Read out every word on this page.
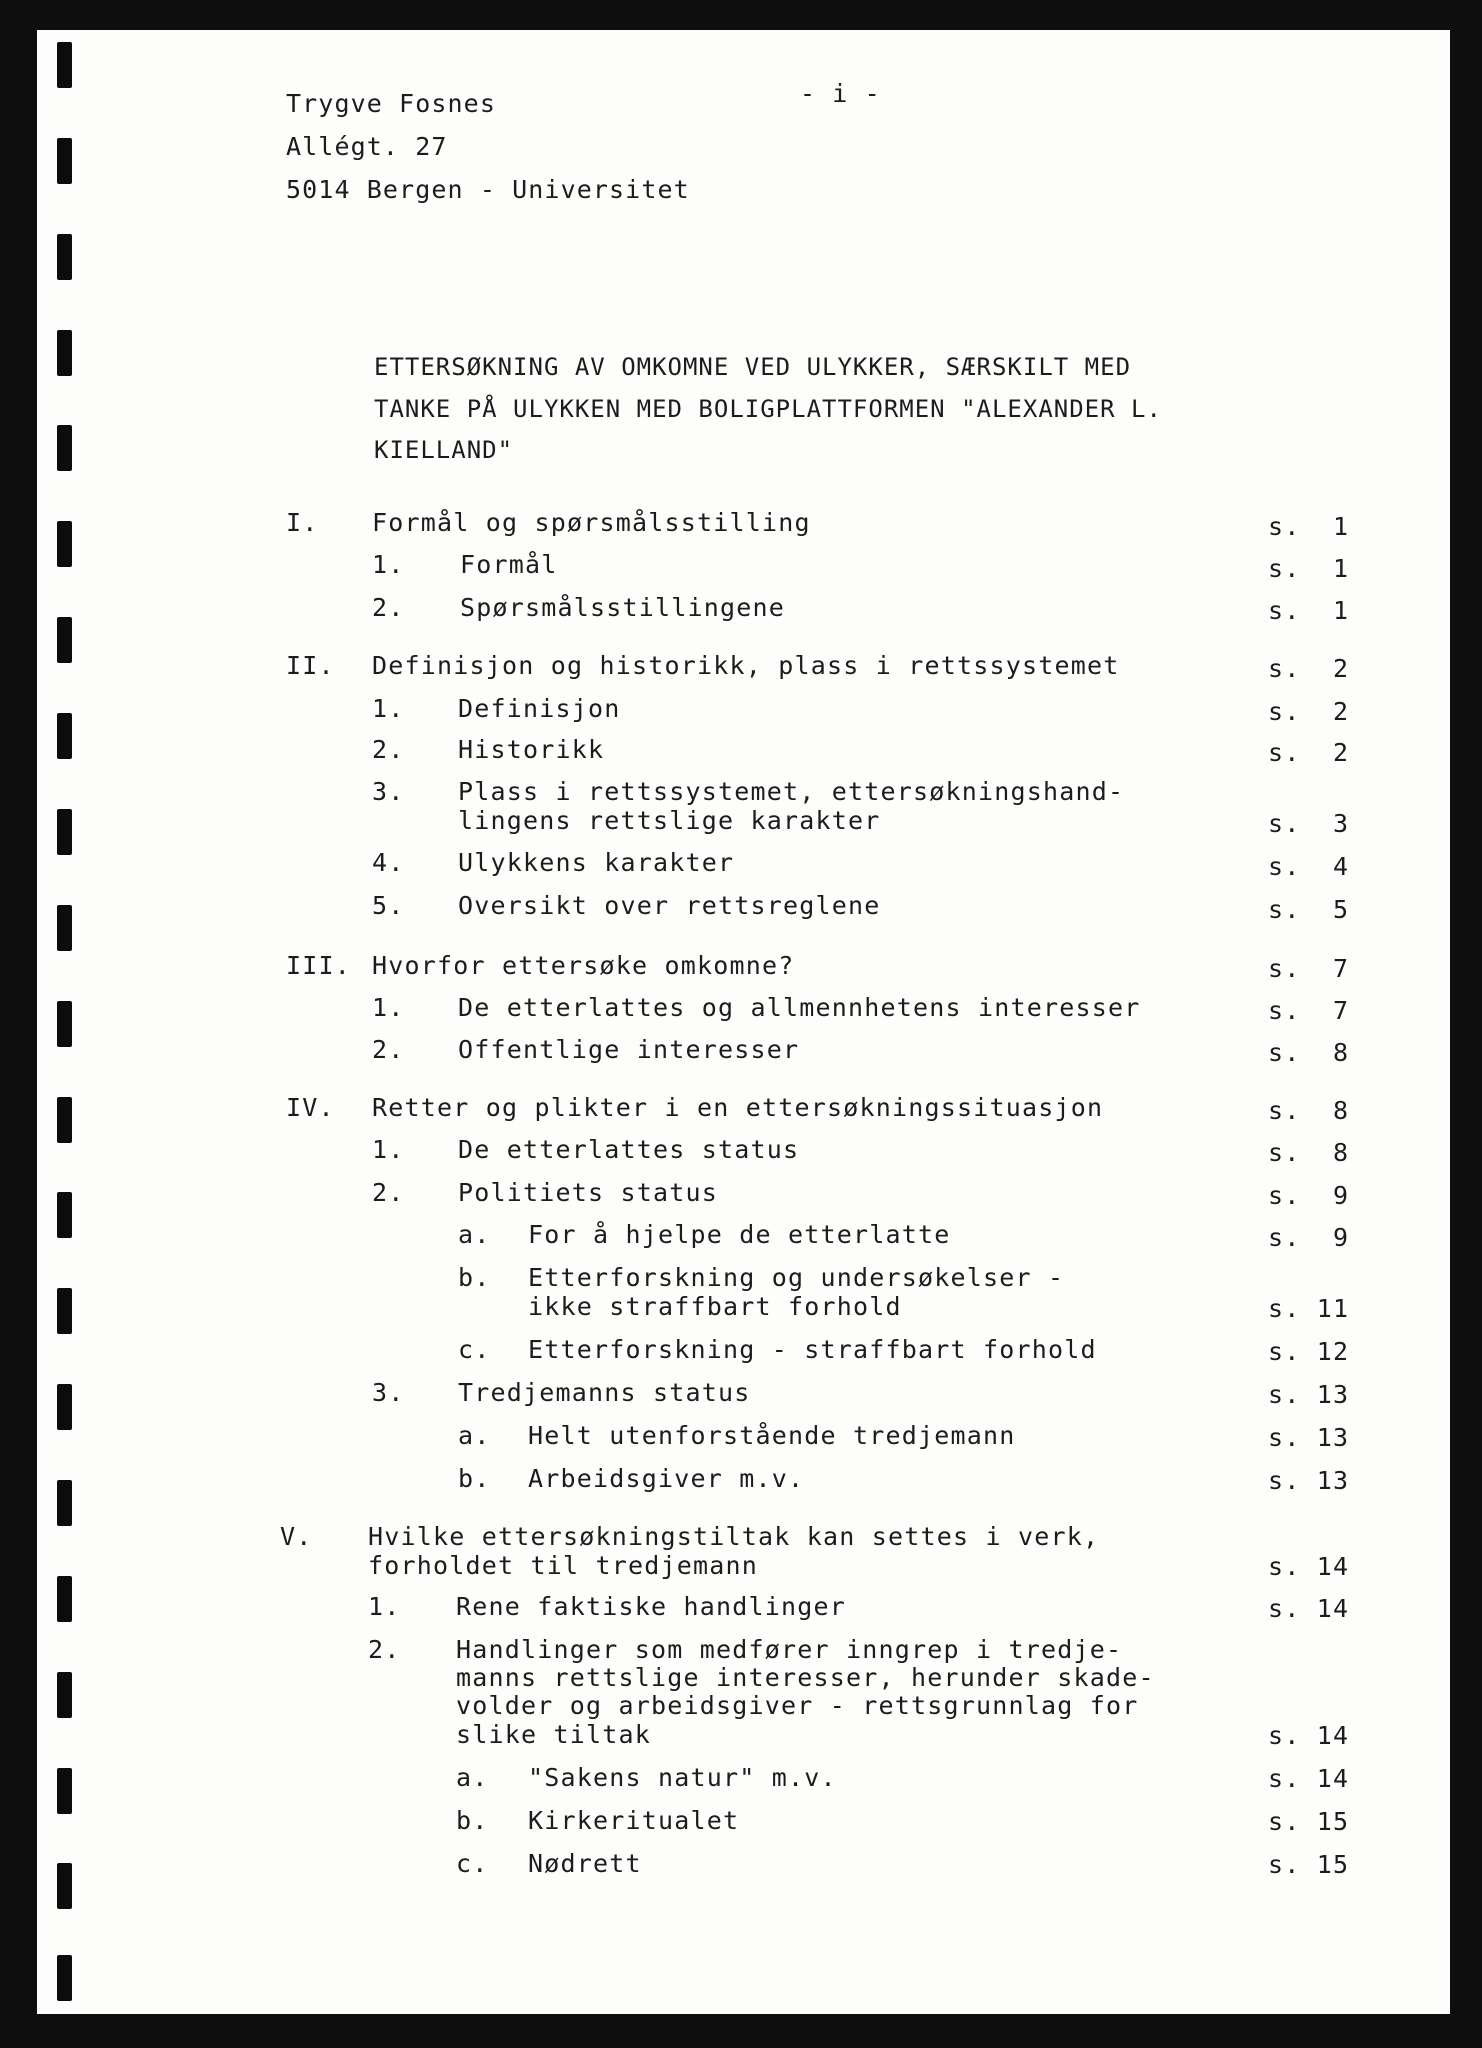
Trygve Fosnes
Allégt. 27
5014 Bergen - Universitet
- i -
ETTERSØKNING AV OMKOMNE VED ULYKKER, SÆRSKILT MED
TANKE PÅ ULYKKEN MED BOLIGPLATTFORMEN "ALEXANDER L.
KIELLAND"
I. Formål og spørsmålsstilling	s.  1
1. Formål	s.  1
2. Spørsmålsstillingene	s.  1
II. Definisjon og historikk, plass i rettssystemet	s.  2
1. Definisjon	s.  2
2. Historikk	s.  2
3. Plass i rettssystemet, ettersøkningshand-
lingens rettslige karakter	s.  3
4. Ulykkens karakter	s.  4
5. Oversikt over rettsreglene	s.  5
III. Hvorfor ettersøke omkomne?	s.  7
1. De etterlattes og allmennhetens interesser	s.  7
2. Offentlige interesser	s.  8
IV. Retter og plikter i en ettersøkningssituasjon	s.  8
1. De etterlattes status	s.  8
2. Politiets status	s.  9
a. For å hjelpe de etterlatte	s.  9
b. Etterforskning og undersøkelser -
ikke straffbart forhold	s. 11
c. Etterforskning - straffbart forhold	s. 12
3. Tredjemanns status	s. 13
a. Helt utenforstående tredjemann	s. 13
b. Arbeidsgiver m.v.	s. 13
V. Hvilke ettersøkningstiltak kan settes i verk,
forholdet til tredjemann	s. 14
1. Rene faktiske handlinger	s. 14
2. Handlinger som medfører inngrep i tredje-
manns rettslige interesser, herunder skade-
volder og arbeidsgiver - rettsgrunnlag for
slike tiltak	s. 14
a. "Sakens natur" m.v.	s. 14
b. Kirkeritualet	s. 15
c. Nødrett	s. 15
